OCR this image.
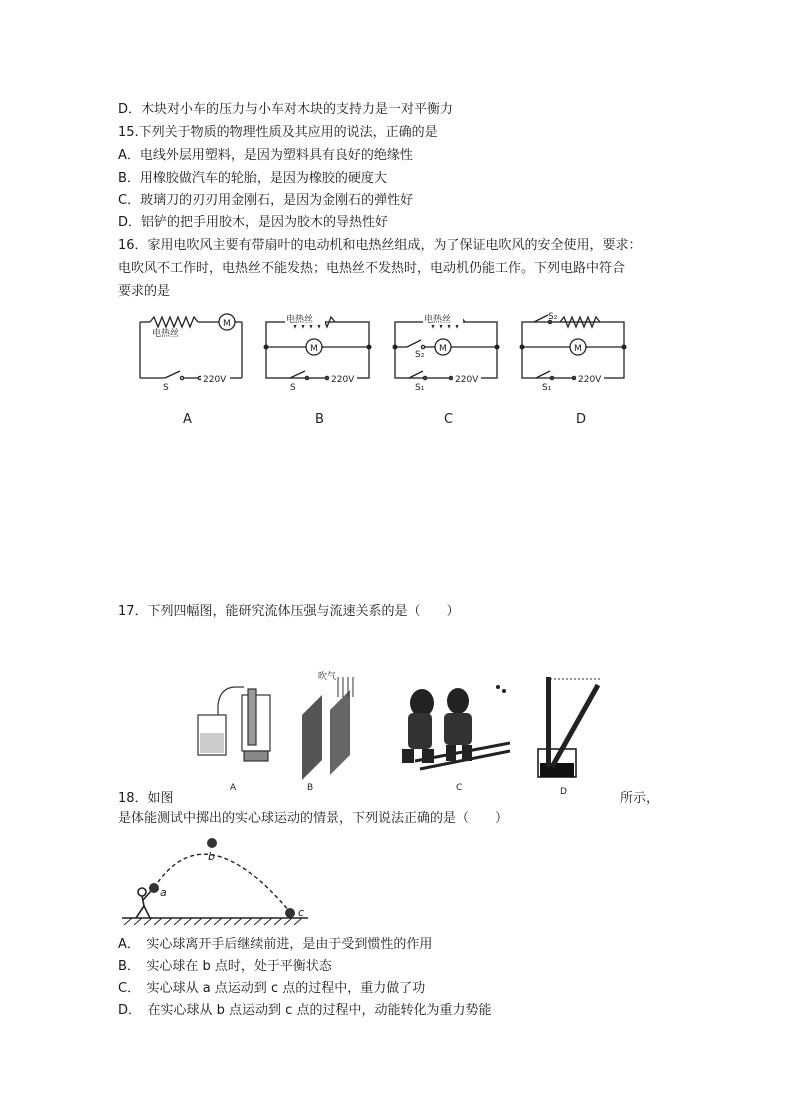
D．木块对小车的压力与小车对木块的支持力是一对平衡力
15.下列关于物质的物理性质及其应用的说法，正确的是
A．电线外层用塑料，是因为塑料具有良好的绝缘性
B．用橡胶做汽车的轮胎，是因为橡胶的硬度大
C．玻璃刀的刃刃用金刚石，是因为金刚石的弹性好
D．铝铲的把手用胶木，是因为胶木的导热性好
16．家用电吹风主要有带扇叶的电动机和电热丝组成，为了保证电吹风的安全使用，要求：
电吹风不工作时，电热丝不能发热；电热丝不发热时，电动机仍能工作。下列电路中符合
要求的是
电热丝
电热丝	电热丝
M
M	M	M
220V	220V	220V	220V
S	S
S₂
S₁
S₂
S₁
A	B	C	D
17．下列四幅图，能研究流体压强与流速关系的是（　　）
吹气
A	B	C	D
18．如图	所示，
是体能测试中掷出的实心球运动的情景，下列说法正确的是（　　）
a
b
c
A．　实心球离开手后继续前进，是由于受到惯性的作用
B．　实心球在 b 点时，处于平衡状态
C．　实心球从 a 点运动到 c 点的过程中，重力做了功
D．　在实心球从 b 点运动到 c 点的过程中，动能转化为重力势能
